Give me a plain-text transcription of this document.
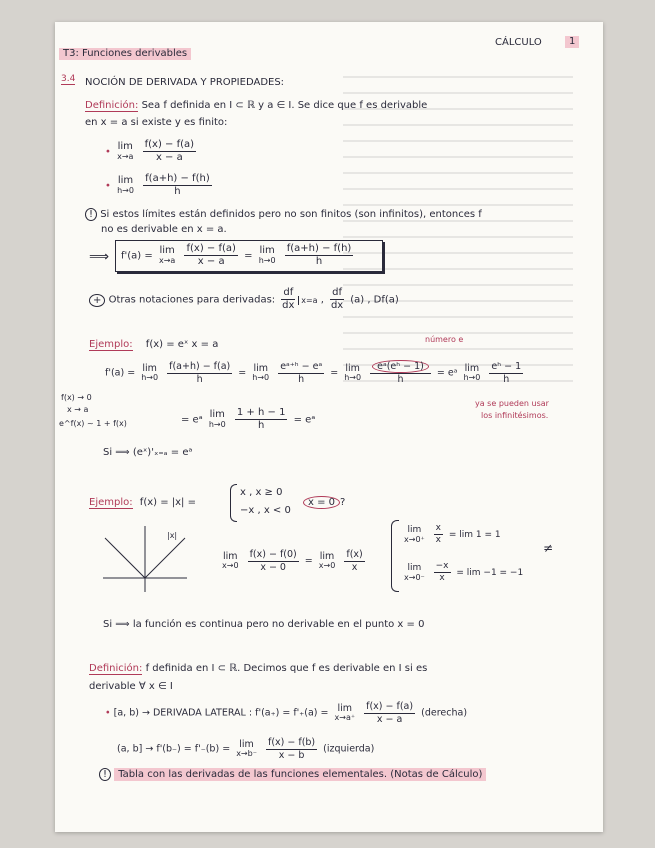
T3: Funciones derivables
CÁLCULO	1
3.4 NOCIÓN DE DERIVADA Y PROPIEDADES:
Definición: Sea f definida en I ⊂ ℝ y a ∈ I. Se dice que f es derivable
en x = a si existe y es finito:
• lim
x→a
$\frac{f(x) - f(a)}{x - a}$
• lim
h→0
$\frac{f(a+h) - f(h)}{h}$
! Si estos límites están definidos pero no son finitos (son infinitos), entonces f
no es derivable en x = a.
⟹ f'(a) = lim
x→a
$\frac{f(x) - f(a)}{x - a} = \lim$
h→0
$\frac{f(a+h) - f(h)}{h}$
+ Otras notaciones para derivadas: $\frac{df}{dx} x=a$ , $\frac{df}{dx} (a)$ , Df(a)
Ejemplo: f(x) = eˣ x = a	número e
f'(a) = lim
h→0
$\frac{f(a+h) - f(a)}{h} = \lim$
h→0
$\frac{\text{eᵃ⁺ʰ − eᵃ}}{h} = \lim$
h→0
$\frac{\text{eᵃ(eʰ − 1)}}{h}$ = eᵃ lim
h→0
$\frac{\text{eʰ − 1}}{h}$
f(x) → 0
x → a
e^f(x) ~ 1 + f(x)	= eᵃ lim
h→0
$\frac{1 + h - 1}{h}$ = eᵃ
ya se pueden usar
los infinitésimos.
Si ⟹ (eˣ)'ₓ₌ₐ = eᵃ
Ejemplo: f(x) = |x| =
x , x ≥ 0
−x , x < 0
x = 0 ?
|x|
lim
x→0
$\frac{f(x) - f(0)}{x - 0} = \lim$
x→0
$\frac{f(x)}{x}$
lim
x→0⁺
$\frac{x}{x} = \lim 1 = 1$
lim
x→0⁻
$\frac{-x}{x} = \lim -1 = -1$
≠
Si ⟹ la función es continua pero no derivable en el punto x = 0
Definición: f definida en I ⊂ ℝ. Decimos que f es derivable en I si es
derivable ∀ x ∈ I
• [a, b) → DERIVADA LATERAL : f'(a₊) = f'₊(a) = lim
x→a⁺
$\frac{f(x) - f(a)}{x - a}$ (derecha)
(a, b] → f'(b₋) = f'₋(b) = lim
x→b⁻
$\frac{f(x) - f(b)}{x - b}$ (izquierda)
! Tabla con las derivadas de las funciones elementales. (Notas de Cálculo)
